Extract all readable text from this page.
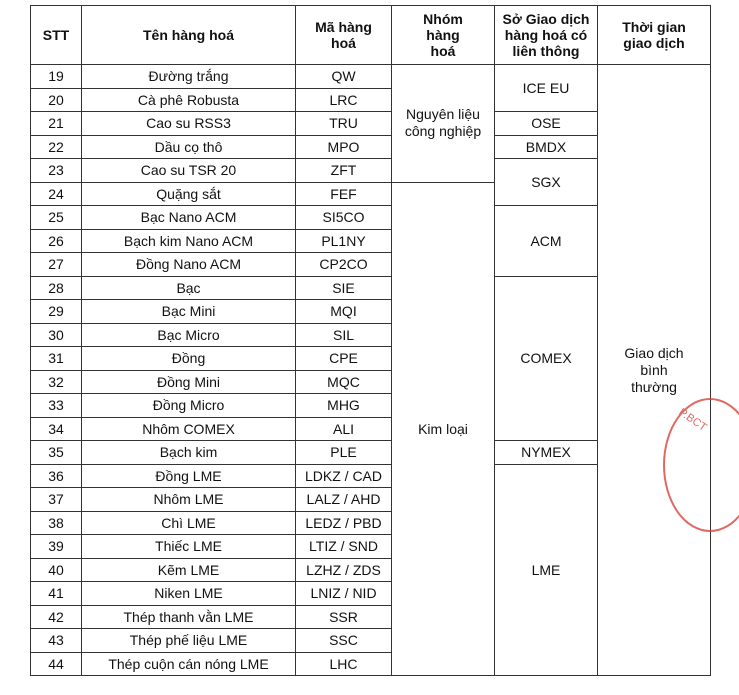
STT	Tên hàng hoá	Mã hàng hoá	Nhóm hàng hoá	Sở Giao dịch hàng hoá có liên thông	Thời gian giao dịch
19	Đường trắng	QW	Nguyên liệu công nghiệp	ICE EU	Giao dịch bình thường
20	Cà phê Robusta	LRC			
21	Cao su RSS3	TRU		OSE	
22	Dầu cọ thô	MPO		BMDX	
23	Cao su TSR 20	ZFT		SGX	
24	Quặng sắt	FEF	Kim loại		
25	Bạc Nano ACM	SI5CO		ACM	
26	Bạch kim Nano ACM	PL1NY			
27	Đồng Nano ACM	CP2CO			
28	Bạc	SIE		COMEX	
29	Bạc Mini	MQI			
30	Bạc Micro	SIL			
31	Đồng	CPE			
32	Đồng Mini	MQC			
33	Đồng Micro	MHG			
34	Nhôm COMEX	ALI			
35	Bạch kim	PLE		NYMEX	
36	Đồng LME	LDKZ / CAD		LME	
37	Nhôm LME	LALZ / AHD			
38	Chì LME	LEDZ / PBD			
39	Thiếc LME	LTIZ / SND			
40	Kẽm LME	LZHZ / ZDS			
41	Niken LME	LNIZ / NID			
42	Thép thanh vằn LME	SSR			
43	Thép phế liệu LME	SSC			
44	Thép cuộn cán nóng LME	LHC			
P.BCT
